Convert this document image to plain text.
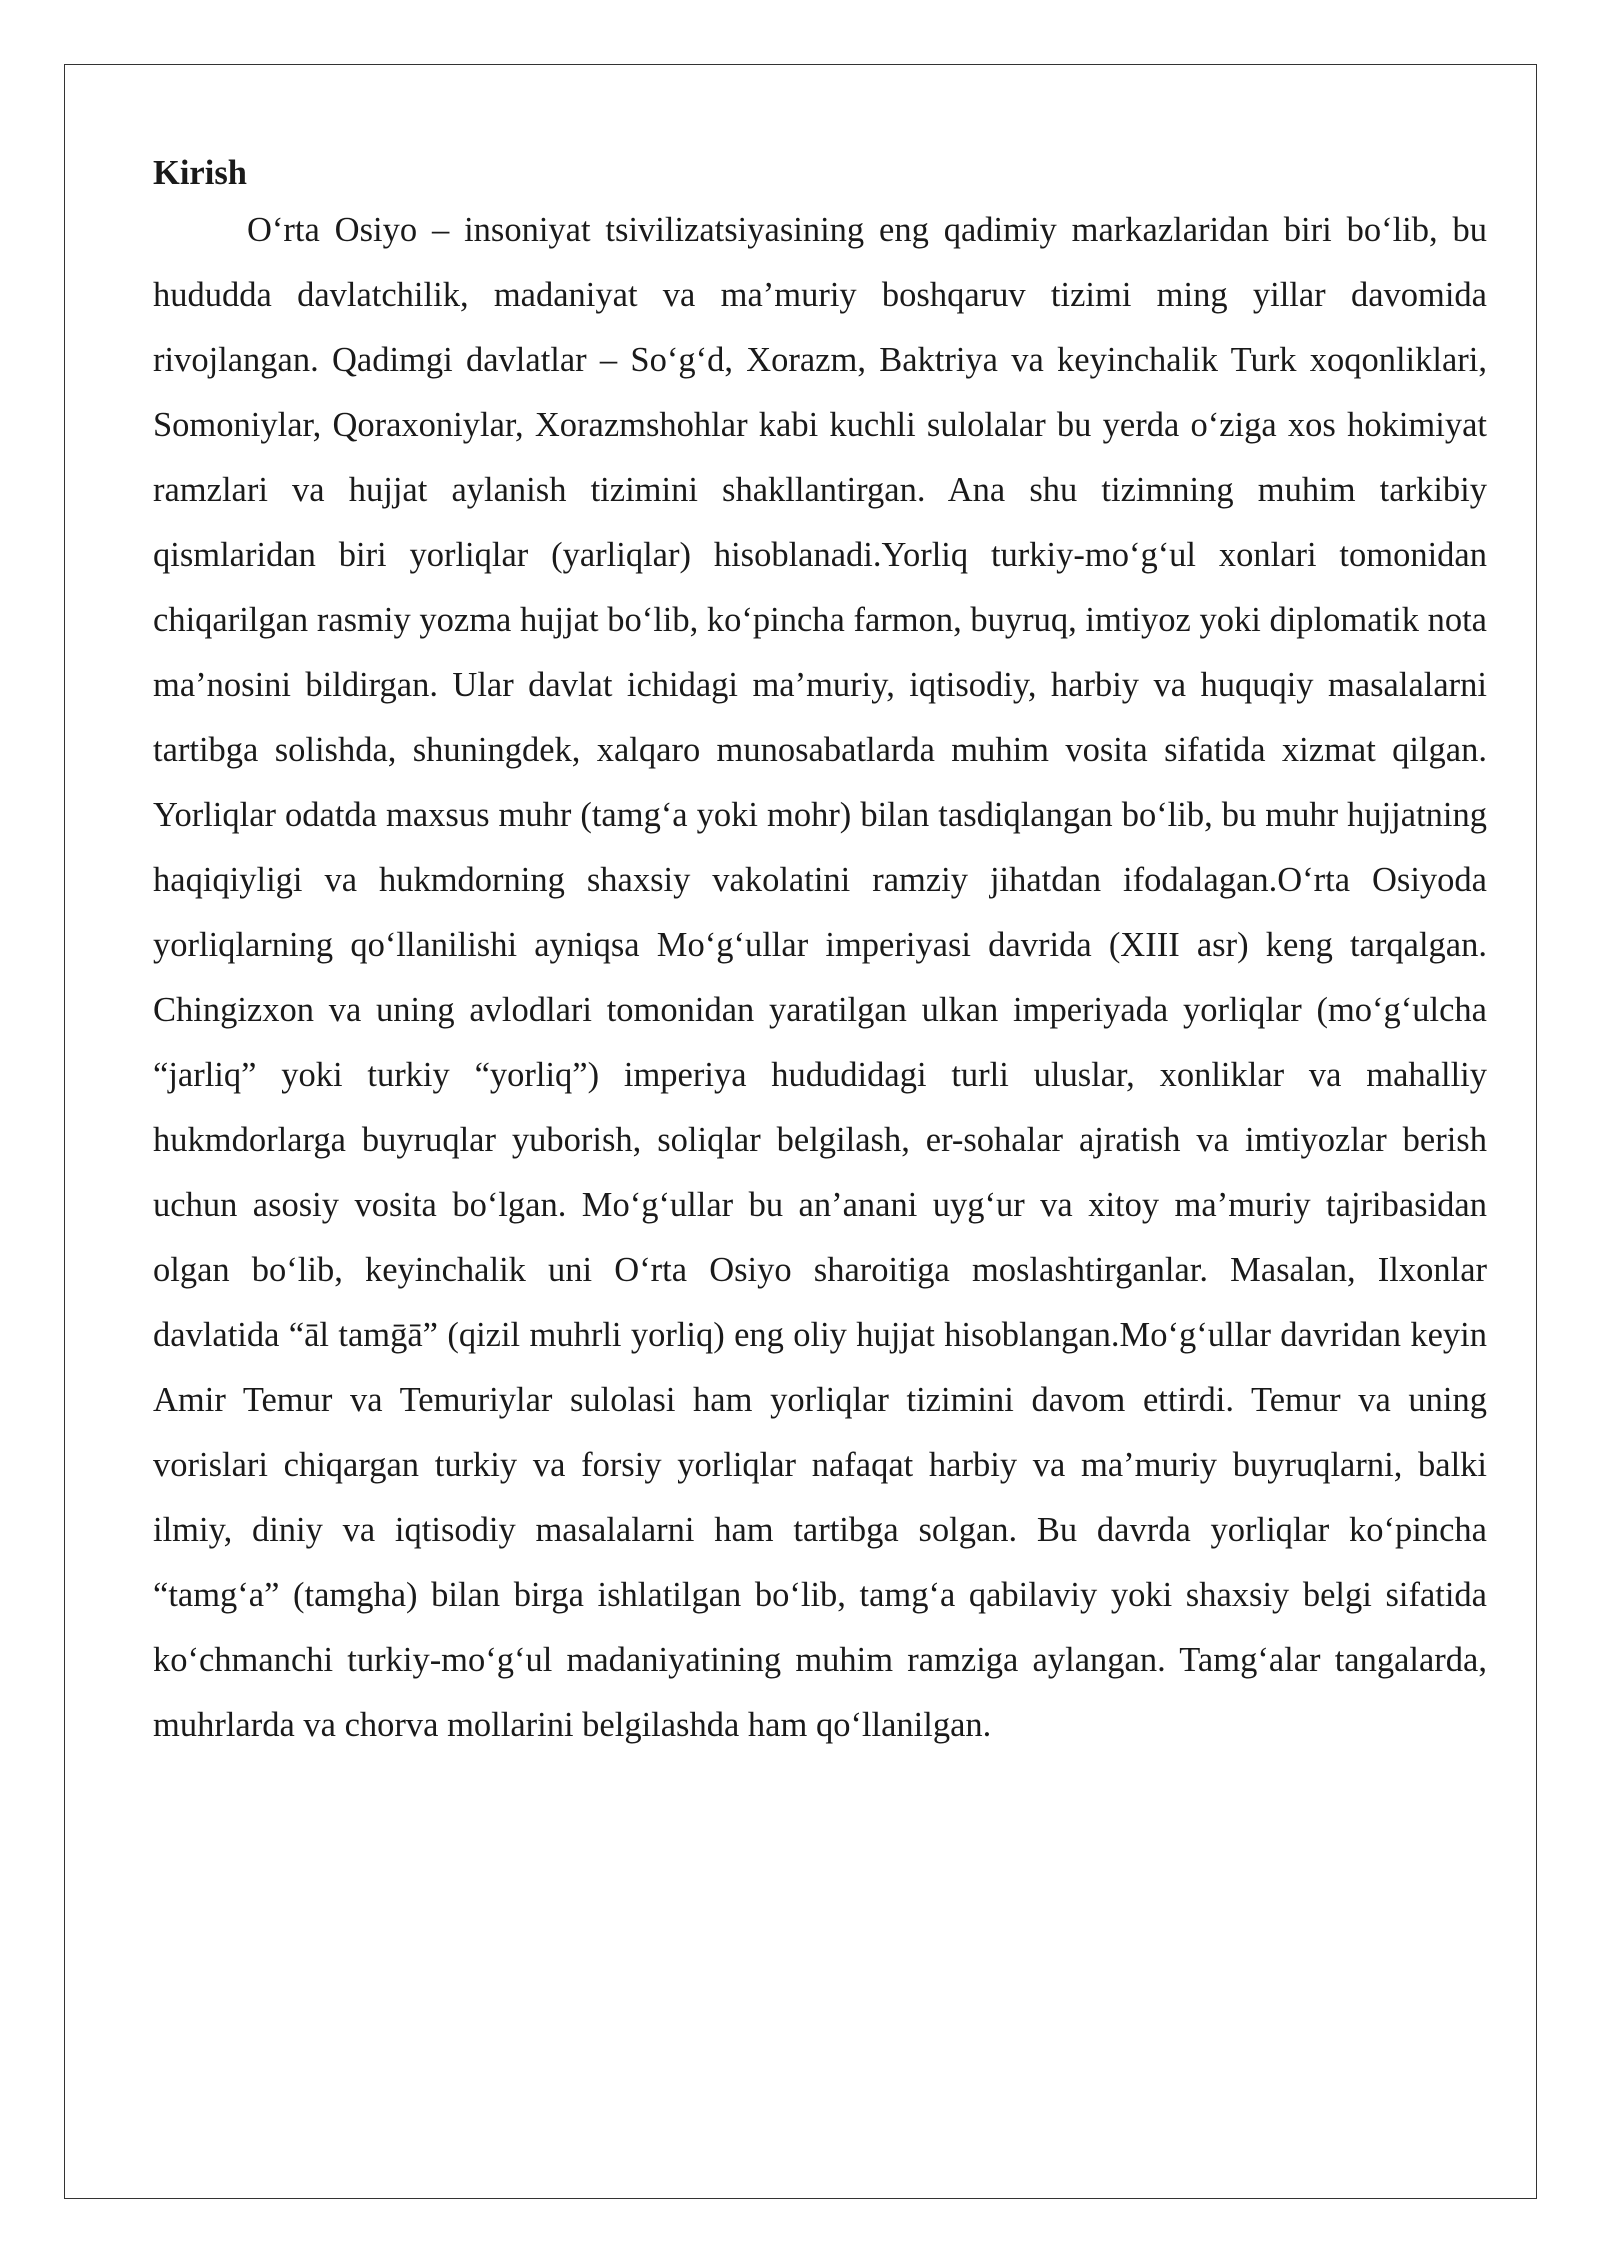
Kirish

O‘rta Osiyo – insoniyat tsivilizatsiyasining eng qadimiy markazlaridan biri bo‘lib, bu hududda davlatchilik, madaniyat va ma’muriy boshqaruv tizimi ming yillar davomida rivojlangan. Qadimgi davlatlar – So‘g‘d, Xorazm, Baktriya va keyinchalik Turk xoqonliklari, Somoniylar, Qoraxoniylar, Xorazmshohlar kabi kuchli sulolalar bu yerda o‘ziga xos hokimiyat ramzlari va hujjat aylanish tizimini shakllantirgan. Ana shu tizimning muhim tarkibiy qismlaridan biri yorliqlar (yarliqlar) hisoblanadi.Yorliq turkiy-mo‘g‘ul xonlari tomonidan chiqarilgan rasmiy yozma hujjat bo‘lib, ko‘pincha farmon, buyruq, imtiyoz yoki diplomatik nota ma’nosini bildirgan. Ular davlat ichidagi ma’muriy, iqtisodiy, harbiy va huquqiy masalalarni tartibga solishda, shuningdek, xalqaro munosabatlarda muhim vosita sifatida xizmat qilgan. Yorliqlar odatda maxsus muhr (tamg‘a yoki mohr) bilan tasdiqlangan bo‘lib, bu muhr hujjatning haqiqiyligi va hukmdorning shaxsiy vakolatini ramziy jihatdan ifodalagan.O‘rta Osiyoda yorliqlarning qo‘llanilishi ayniqsa Mo‘g‘ullar imperiyasi davrida (XIII asr) keng tarqalgan. Chingizxon va uning avlodlari tomonidan yaratilgan ulkan imperiyada yorliqlar (mo‘g‘ulcha “jarliq” yoki turkiy “yorliq”) imperiya hududidagi turli uluslar, xonliklar va mahalliy hukmdorlarga buyruqlar yuborish, soliqlar belgilash, er-sohalar ajratish va imtiyozlar berish uchun asosiy vosita bo‘lgan. Mo‘g‘ullar bu an’anani uyg‘ur va xitoy ma’muriy tajribasidan olgan bo‘lib, keyinchalik uni O‘rta Osiyo sharoitiga moslashtirganlar. Masalan, Ilxonlar davlatida “āl tamḡā” (qizil muhrli yorliq) eng oliy hujjat hisoblangan.Mo‘g‘ullar davridan keyin Amir Temur va Temuriylar sulolasi ham yorliqlar tizimini davom ettirdi. Temur va uning vorislari chiqargan turkiy va forsiy yorliqlar nafaqat harbiy va ma’muriy buyruqlarni, balki ilmiy, diniy va iqtisodiy masalalarni ham tartibga solgan. Bu davrda yorliqlar ko‘pincha “tamg‘a” (tamgha) bilan birga ishlatilgan bo‘lib, tamg‘a qabilaviy yoki shaxsiy belgi sifatida ko‘chmanchi turkiy-mo‘g‘ul madaniyatining muhim ramziga aylangan. Tamg‘alar tangalarda, muhrlarda va chorva mollarini belgilashda ham qo‘llanilgan.
